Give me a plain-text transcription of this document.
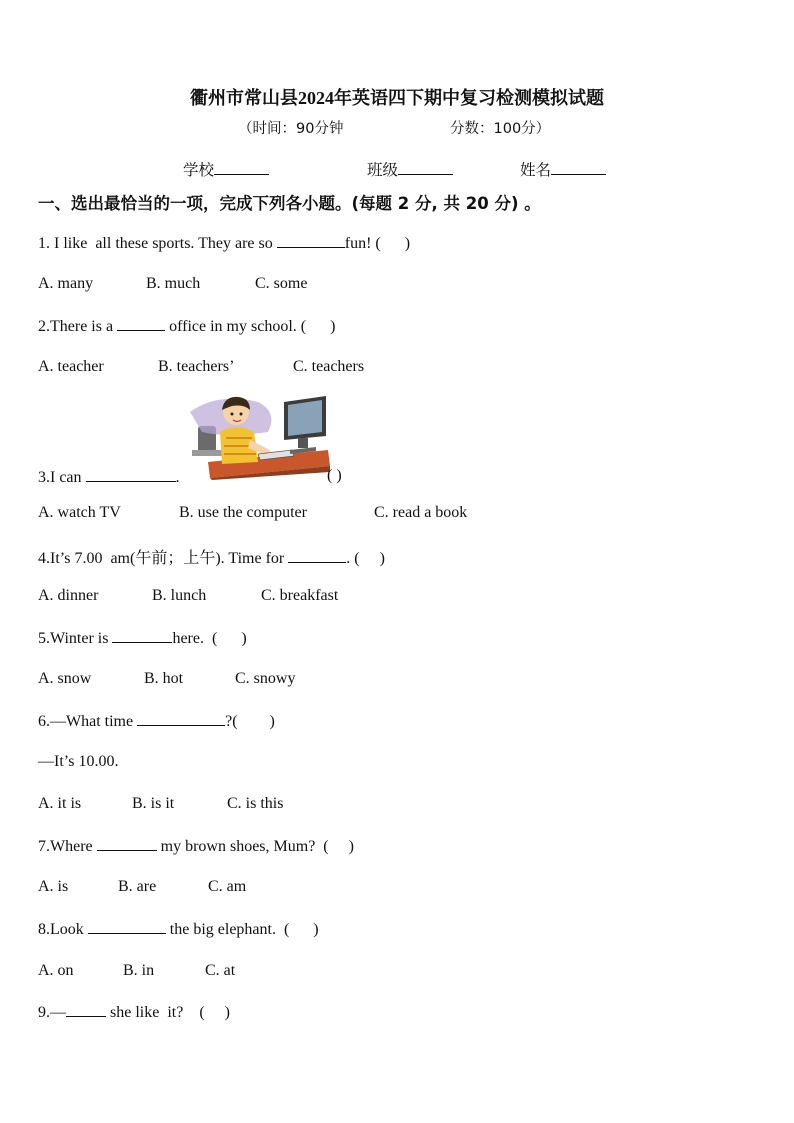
衢州市常山县2024年英语四下期中复习检测模拟试题
（时间：90分钟	分数：100分）
学校	班级	姓名
一、选出最恰当的一项，完成下列各小题。(每题 2 分, 共 20 分) 。
1. I like  all these sports. They are so	fun! (      )
A. many	B. much	C. some
2.There is a	office in my school. (      )
A. teacher	B. teachers’	C. teachers
3.I can	.	( )
A. watch TV	B. use the computer	C. read a book
4.It’s 7.00  am(午前；上午). Time for	. (     )
A. dinner	B. lunch	C. breakfast
5.Winter is	here.  (      )
A. snow	B. hot	C. snowy
6.—What time	?(        )
—It’s 10.00.
A. it is	B. is it	C. is this
7.Where	my brown shoes, Mum?  (     )
A. is	B. are	C. am
8.Look	the big elephant.  (      )
A. on	B. in	C. at
9.—	she like  it?    (     )
